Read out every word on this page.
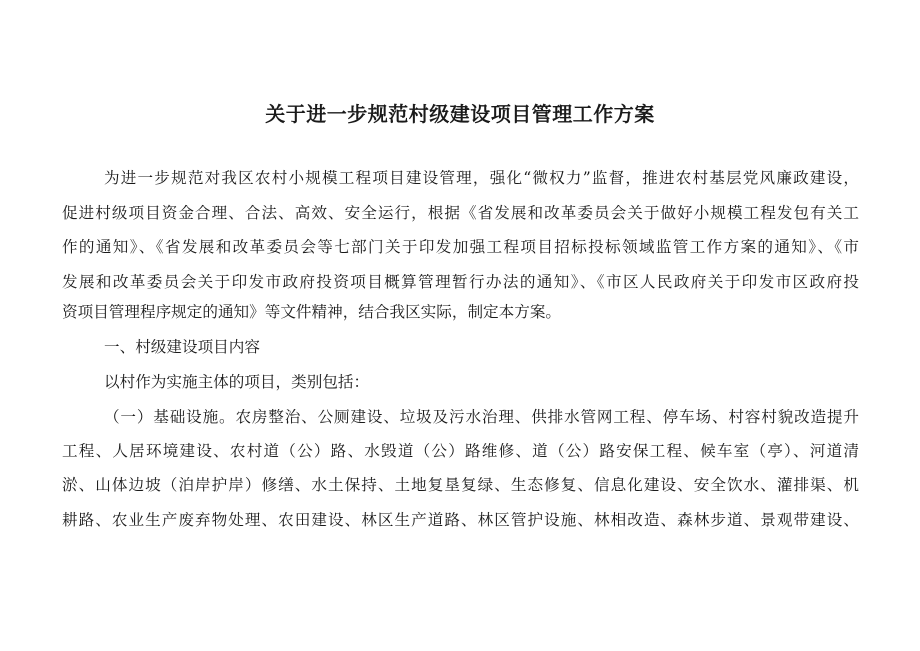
关于进一步规范村级建设项目管理工作方案

为进一步规范对我区农村小规模工程项目建设管理，强化“微权力”监督，推进农村基层党风廉政建设，

促进村级项目资金合理、合法、高效、安全运行，根据《省发展和改革委员会关于做好小规模工程发包有关工

作的通知》、《省发展和改革委员会等七部门关于印发加强工程项目招标投标领域监管工作方案的通知》、《市

发展和改革委员会关于印发市政府投资项目概算管理暂行办法的通知》、《市区人民政府关于印发市区政府投

资项目管理程序规定的通知》等文件精神，结合我区实际，制定本方案。

一、村级建设项目内容

以村作为实施主体的项目，类别包括：

（一）基础设施。农房整治、公厕建设、垃圾及污水治理、供排水管网工程、停车场、村容村貌改造提升

工程、人居环境建设、农村道（公）路、水毁道（公）路维修、道（公）路安保工程、候车室（亭）、河道清

淤、山体边坡（泊岸护岸）修缮、水土保持、土地复垦复绿、生态修复、信息化建设、安全饮水、灌排渠、机

耕路、农业生产废弃物处理、农田建设、林区生产道路、林区管护设施、林相改造、森林步道、景观带建设、
